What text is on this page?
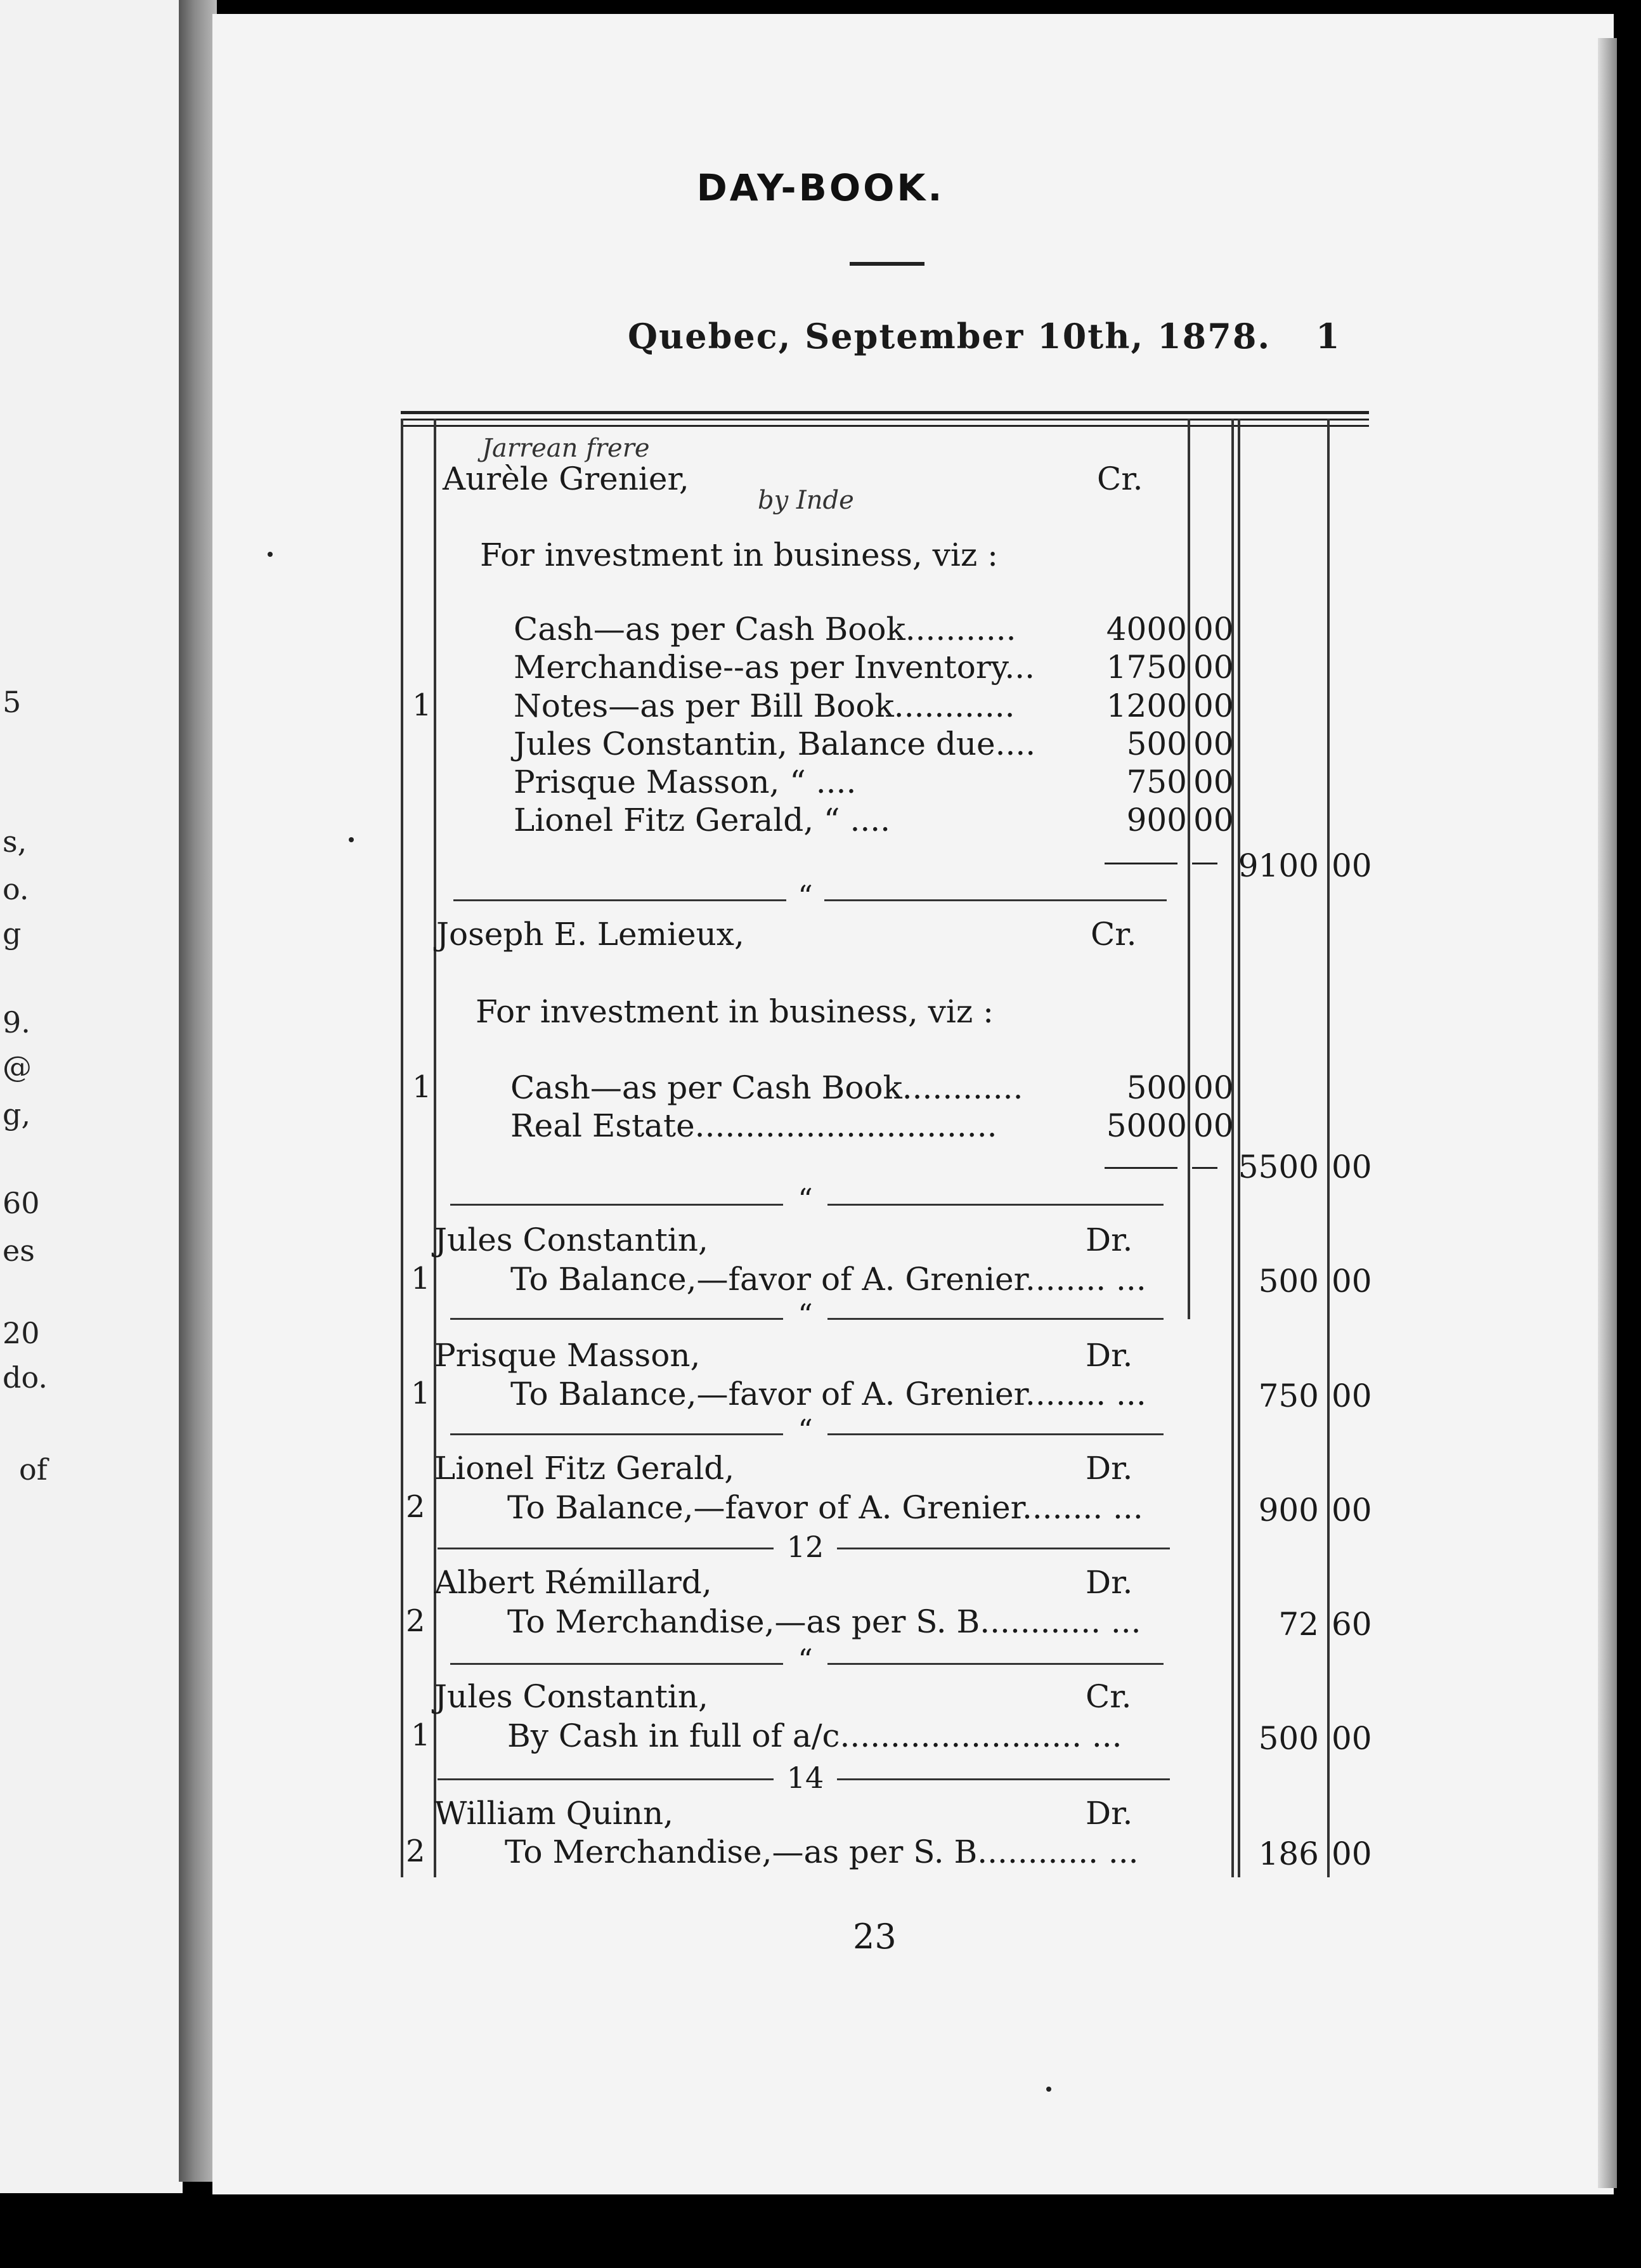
5
s,
o.
g
9.
@
g,
60
es
20
do.
of
DAY-BOOK.
Quebec, September 10th, 1878. 1
Jarrean frere
by Inde
Aurèle Grenier,	Cr.
For investment in business, viz :
Cash—as per Cash Book...........	4000 00
Merchandise--as per Inventory...	1750 00
1	Notes—as per Bill Book............	1200 00
Jules Constantin, Balance due....	500 00
Prisque Masson, “ ....	750 00
Lionel Fitz Gerald, “ ....	900 00
9100 00
“
Joseph E. Lemieux,	Cr.
For investment in business, viz :
1 Cash—as per Cash Book............	500 00
Real Estate..............................	5000 00
5500 00
“
Jules Constantin,	Dr.
1	To Balance,—favor of A. Grenier........ ...	500 00
“
Prisque Masson,	Dr.
1	To Balance,—favor of A. Grenier........ ...	750 00
“
Lionel Fitz Gerald,	Dr.
2	To Balance,—favor of A. Grenier........ ...	900 00
12
Albert Rémillard,	Dr.
2	To Merchandise,—as per S. B............ ...	72 60
“
Jules Constantin,	Cr.
1 By Cash in full of a/c........................ ...	500 00
14
William Quinn,	Dr.
2	To Merchandise,—as per S. B............ ...	186 00
23
